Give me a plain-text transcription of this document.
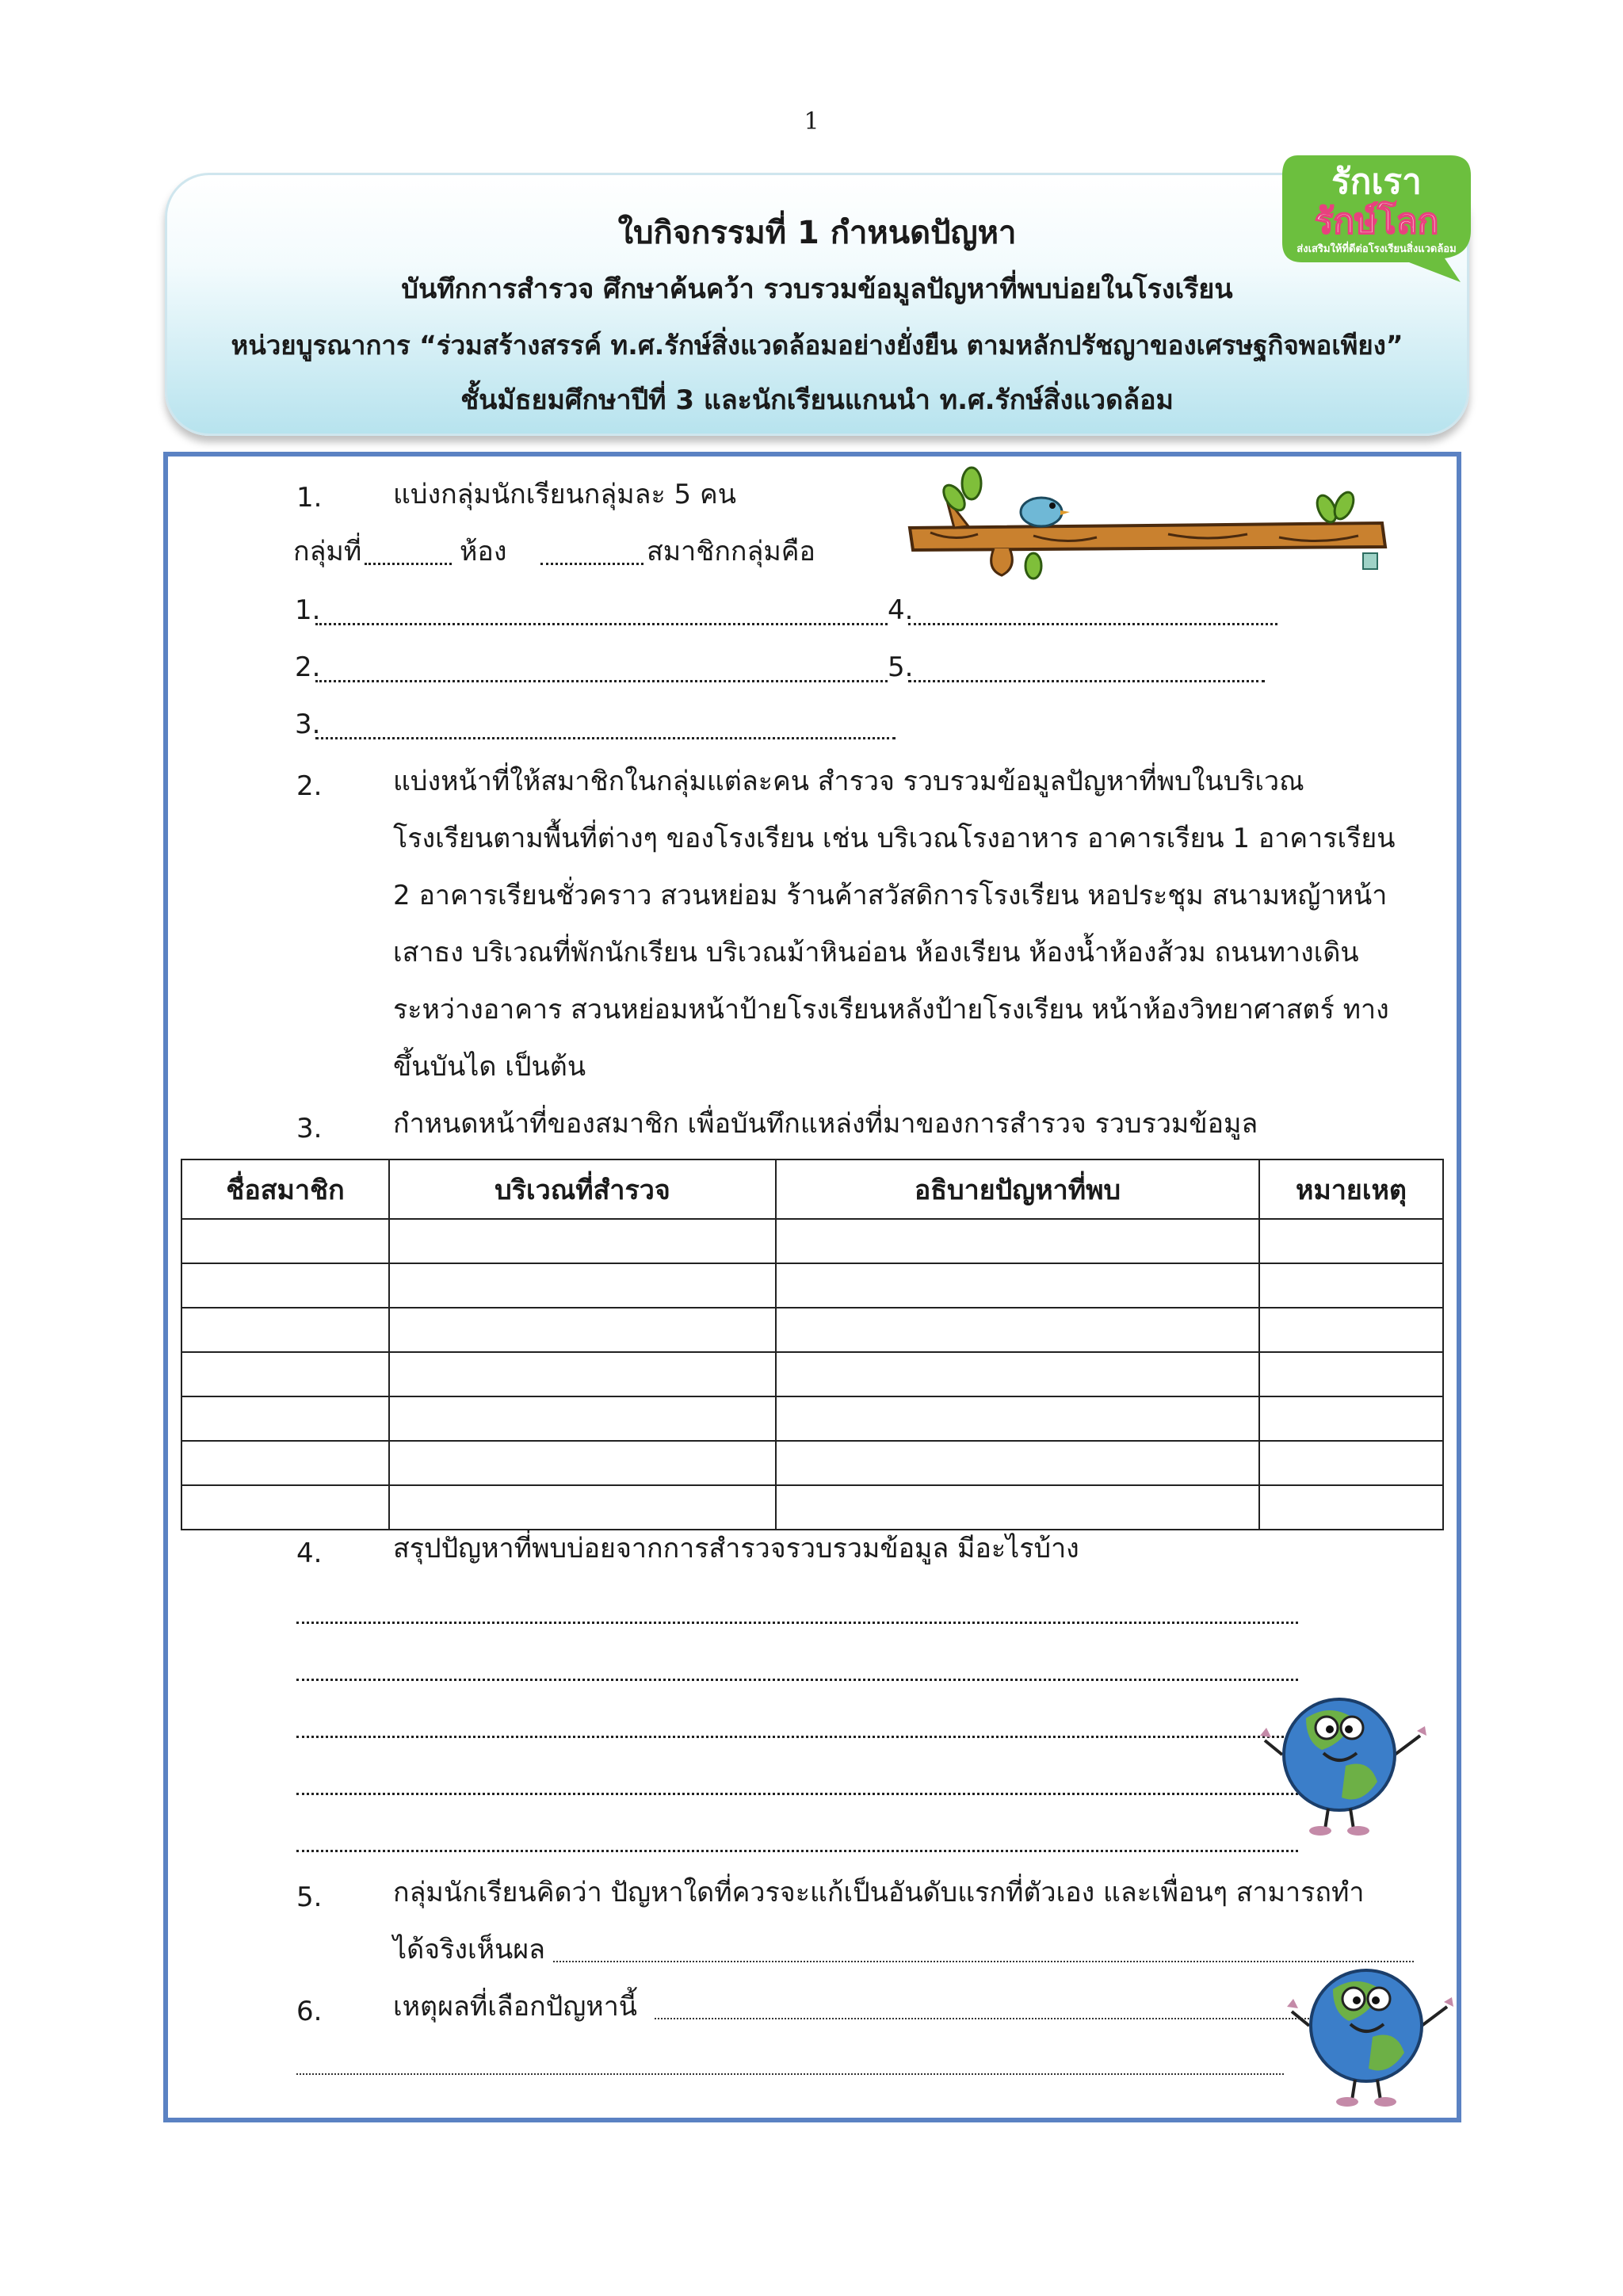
1
ใบกิจกรรมที่ 1 กำหนดปัญหา
บันทึกการสำรวจ ศึกษาค้นคว้า รวบรวมข้อมูลปัญหาที่พบบ่อยในโรงเรียน
หน่วยบูรณาการ “ร่วมสร้างสรรค์ ท.ศ.รักษ์สิ่งแวดล้อมอย่างยั่งยืน ตามหลักปรัชญาของเศรษฐกิจพอเพียง”
ชั้นมัธยมศึกษาปีที่ 3 และนักเรียนแกนนำ ท.ศ.รักษ์สิ่งแวดล้อม
รักเรา
รักษ์โลก
ส่งเสริมให้ที่ดีต่อโรงเรียนสิ่งแวดล้อม
1.	แบ่งกลุ่มนักเรียนกลุ่มละ 5 คน
กลุ่มที่	ห้อง	สมาชิกกลุ่มคือ
1.	4.
2.	5.
3.
2.	แบ่งหน้าที่ให้สมาชิกในกลุ่มแต่ละคน สำรวจ รวบรวมข้อมูลปัญหาที่พบในบริเวณ
โรงเรียนตามพื้นที่ต่างๆ ของโรงเรียน เช่น บริเวณโรงอาหาร อาคารเรียน 1 อาคารเรียน
2 อาคารเรียนชั่วคราว สวนหย่อม ร้านค้าสวัสดิการโรงเรียน หอประชุม สนามหญ้าหน้า
เสาธง บริเวณที่พักนักเรียน บริเวณม้าหินอ่อน ห้องเรียน ห้องน้ำห้องส้วม ถนนทางเดิน
ระหว่างอาคาร สวนหย่อมหน้าป้ายโรงเรียนหลังป้ายโรงเรียน หน้าห้องวิทยาศาสตร์ ทาง
ขึ้นบันได เป็นต้น
3.	กำหนดหน้าที่ของสมาชิก เพื่อบันทึกแหล่งที่มาของการสำรวจ รวบรวมข้อมูล
ชื่อสมาชิก	บริเวณที่สำรวจ	อธิบายปัญหาที่พบ	หมายเหตุ

4.	สรุปปัญหาที่พบบ่อยจากการสำรวจรวบรวมข้อมูล มีอะไรบ้าง
5.	กลุ่มนักเรียนคิดว่า ปัญหาใดที่ควรจะแก้เป็นอันดับแรกที่ตัวเอง และเพื่อนๆ สามารถทำ
ได้จริงเห็นผล
6.	เหตุผลที่เลือกปัญหานี้
